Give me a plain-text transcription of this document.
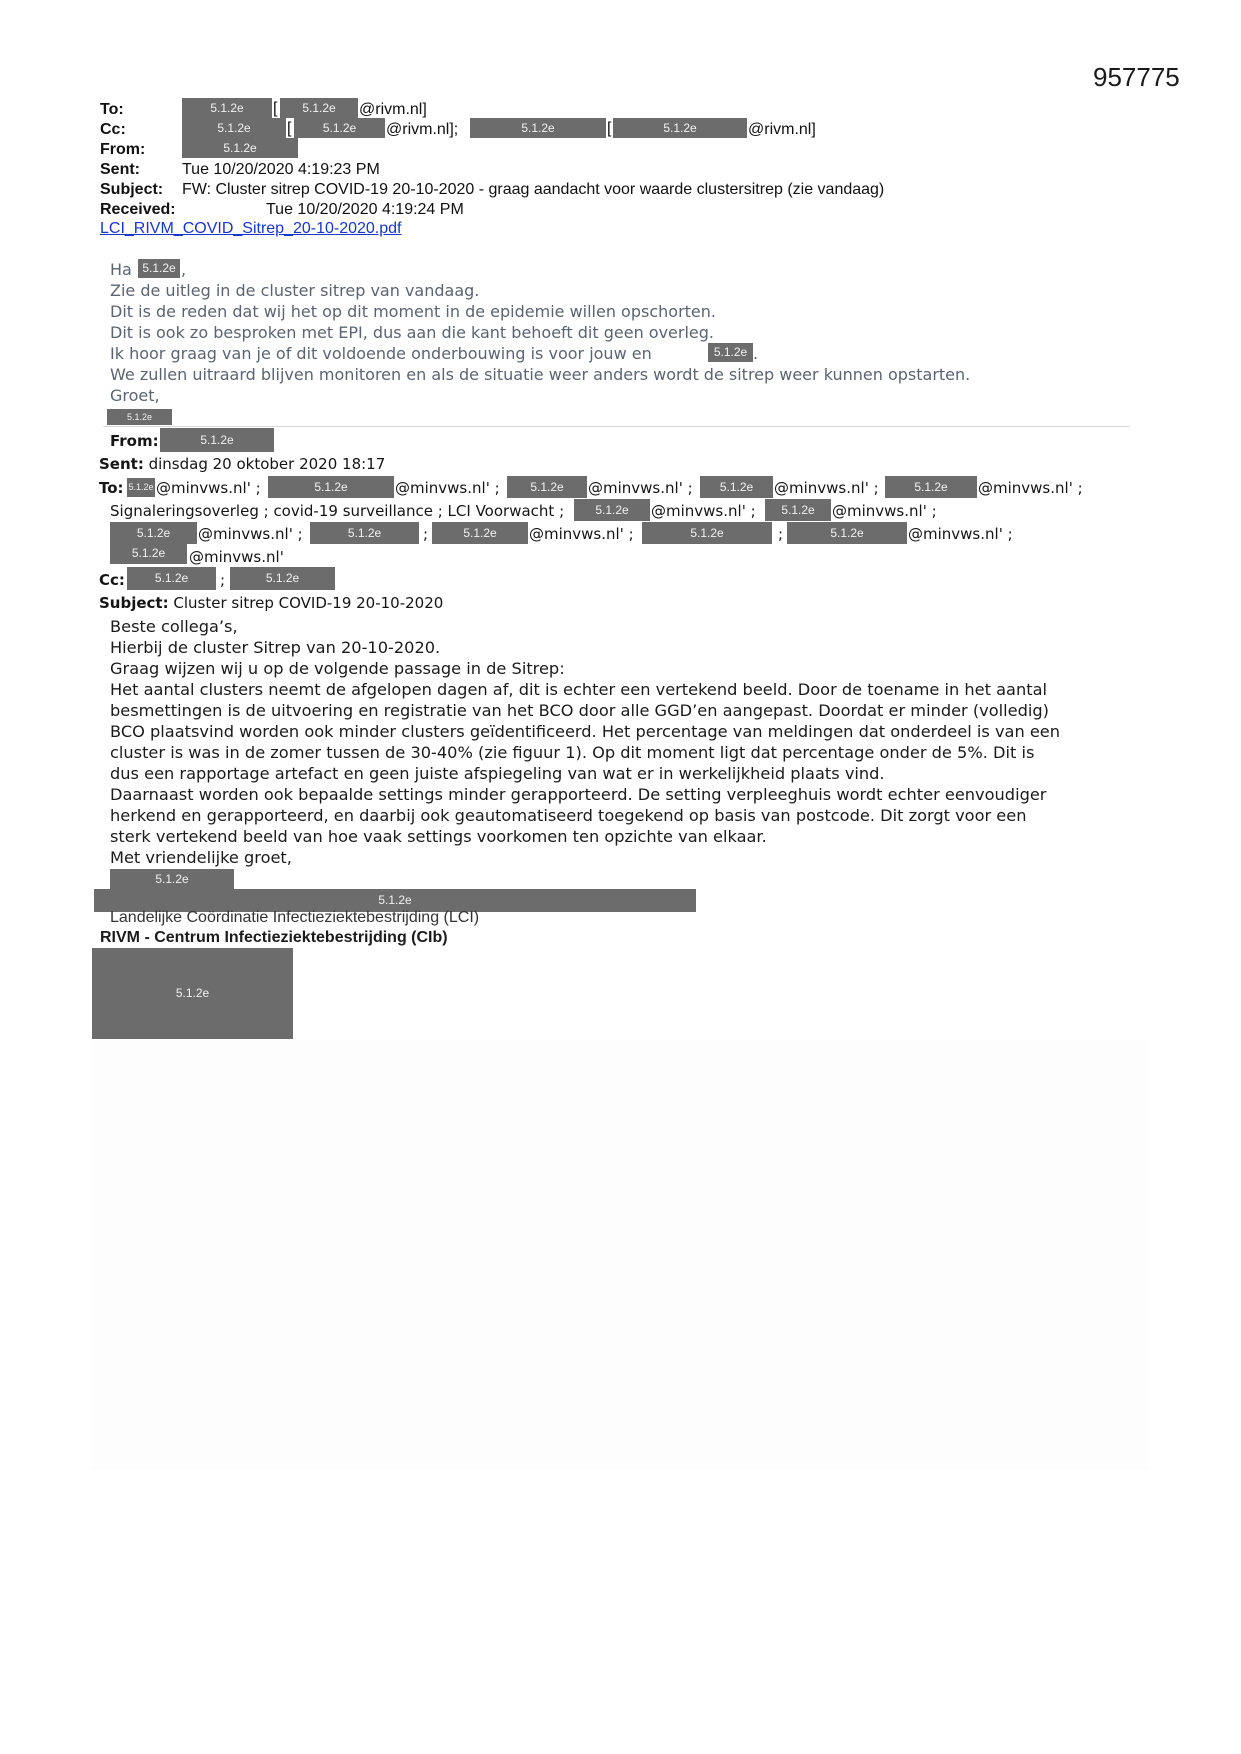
957775
To:	5.1.2e	[	5.1.2e	@rivm.nl]
Cc:	5.1.2e	[	5.1.2e	@rivm.nl];	5.1.2e	[	5.1.2e	@rivm.nl]
From:	5.1.2e
Sent:	Tue 10/20/2020 4:19:23 PM
Subject: FW: Cluster sitrep COVID-19 20-10-2020 - graag aandacht voor waarde clustersitrep (zie vandaag)
Received:	Tue 10/20/2020 4:19:24 PM
LCI_RIVM_COVID_Sitrep_20-10-2020.pdf
Ha 5.1.2e ,
Zie de uitleg in de cluster sitrep van vandaag.
Dit is de reden dat wij het op dit moment in de epidemie willen opschorten.
Dit is ook zo besproken met EPI, dus aan die kant behoeft dit geen overleg.
Ik hoor graag van je of dit voldoende onderbouwing is voor jouw en	5.1.2e .
We zullen uitraard blijven monitoren en als de situatie weer anders wordt de sitrep weer kunnen opstarten.
Groet,
5.1.2e
From:	5.1.2e
Sent: dinsdag 20 oktober 2020 18:17
To: 5.1.2e @minvws.nl' ;	5.1.2e	@minvws.nl' ;	5.1.2e	@minvws.nl' ;	5.1.2e	@minvws.nl' ;	5.1.2e	@minvws.nl' ;
Signaleringsoverleg ; covid-19 surveillance ; LCI Voorwacht ;	5.1.2e	@minvws.nl' ;	5.1.2e	@minvws.nl' ;
5.1.2e	@minvws.nl' ;	5.1.2e	;	5.1.2e	@minvws.nl' ;	5.1.2e	;	5.1.2e	@minvws.nl' ;
5.1.2e	@minvws.nl'
Cc:	5.1.2e	;	5.1.2e
Subject: Cluster sitrep COVID-19 20-10-2020
Beste collega’s,
Hierbij de cluster Sitrep van 20-10-2020.
Graag wijzen wij u op de volgende passage in de Sitrep:
Het aantal clusters neemt de afgelopen dagen af, dit is echter een vertekend beeld. Door de toename in het aantal
besmettingen is de uitvoering en registratie van het BCO door alle GGD’en aangepast. Doordat er minder (volledig)
BCO plaatsvind worden ook minder clusters geïdentificeerd. Het percentage van meldingen dat onderdeel is van een
cluster is was in de zomer tussen de 30-40% (zie figuur 1). Op dit moment ligt dat percentage onder de 5%. Dit is
dus een rapportage artefact en geen juiste afspiegeling van wat er in werkelijkheid plaats vind.
Daarnaast worden ook bepaalde settings minder gerapporteerd. De setting verpleeghuis wordt echter eenvoudiger
herkend en gerapporteerd, en daarbij ook geautomatiseerd toegekend op basis van postcode. Dit zorgt voor een
sterk vertekend beeld van hoe vaak settings voorkomen ten opzichte van elkaar.
Met vriendelijke groet,
5.1.2e
5.1.2e
Landelijke Coördinatie Infectieziektebestrijding (LCI)
RIVM - Centrum Infectieziektebestrijding (CIb)
5.1.2e
